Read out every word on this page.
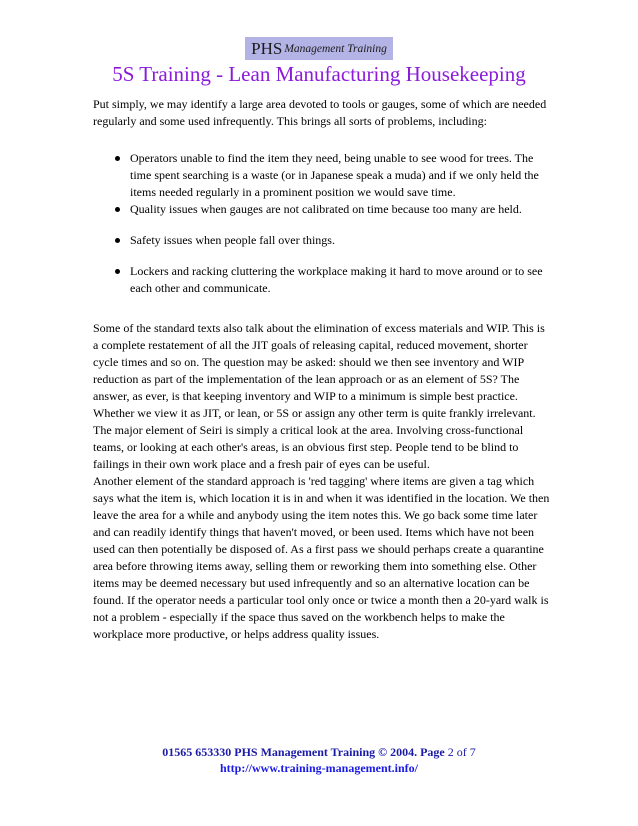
PHS Management Training
5S Training - Lean Manufacturing Housekeeping

Put simply, we may identify a large area devoted to tools or gauges, some of which are needed regularly and some used infrequently. This brings all sorts of problems, including:

Operators unable to find the item they need, being unable to see wood for trees. The time spent searching is a waste (or in Japanese speak a muda) and if we only held the items needed regularly in a prominent position we would save time.
Quality issues when gauges are not calibrated on time because too many are held.
Safety issues when people fall over things.
Lockers and racking cluttering the workplace making it hard to move around or to see each other and communicate.
Some of the standard texts also talk about the elimination of excess materials and WIP. This is a complete restatement of all the JIT goals of releasing capital, reduced movement, shorter cycle times and so on. The question may be asked: should we then see inventory and WIP reduction as part of the implementation of the lean approach or as an element of 5S? The answer, as ever, is that keeping inventory and WIP to a minimum is simple best practice. Whether we view it as JIT, or lean, or 5S or assign any other term is quite frankly irrelevant.
The major element of Seiri is simply a critical look at the area. Involving cross-functional teams, or looking at each other's areas, is an obvious first step. People tend to be blind to failings in their own work place and a fresh pair of eyes can be useful.

Another element of the standard approach is 'red tagging' where items are given a tag which says what the item is, which location it is in and when it was identified in the location. We then leave the area for a while and anybody using the item notes this. We go back some time later and can readily identify things that haven't moved, or been used. Items which have not been used can then potentially be disposed of. As a first pass we should perhaps create a quarantine area before throwing items away, selling them or reworking them into something else. Other items may be deemed necessary but used infrequently and so an alternative location can be found. If the operator needs a particular tool only once or twice a month then a 20-yard walk is not a problem - especially if the space thus saved on the workbench helps to make the workplace more productive, or helps address quality issues.

01565 653330 PHS Management Training © 2004. Page 2 of 7
http://www.training-management.info/
